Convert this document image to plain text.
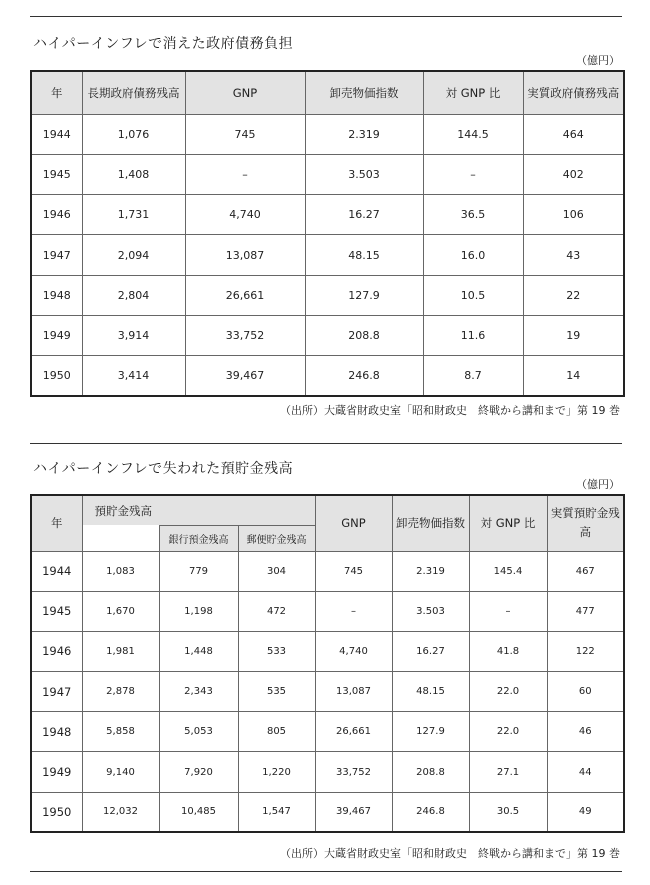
ハイパーインフレで消えた政府債務負担
（億円）
年	長期政府債務残高	GNP	卸売物価指数	対 GNP 比	実質政府債務残高
1944	1,076	745	2.319	144.5	464
1945	1,408	–	3.503	–	402
1946	1,731	4,740	16.27	36.5	106
1947	2,094	13,087	48.15	16.0	43
1948	2,804	26,661	127.9	10.5	22
1949	3,914	33,752	208.8	11.6	19
1950	3,414	39,467	246.8	8.7	14
（出所）大蔵省財政史室「昭和財政史　終戦から講和まで」第 19 巻
ハイパーインフレで失われた預貯金残高
（億円）
年	預貯金残高			GNP	卸売物価指数	対 GNP 比	実質預貯金残高
		銀行預金残高	郵便貯金残高				
1944	1,083	779	304	745	2.319	145.4	467
1945	1,670	1,198	472	–	3.503	–	477
1946	1,981	1,448	533	4,740	16.27	41.8	122
1947	2,878	2,343	535	13,087	48.15	22.0	60
1948	5,858	5,053	805	26,661	127.9	22.0	46
1949	9,140	7,920	1,220	33,752	208.8	27.1	44
1950	12,032	10,485	1,547	39,467	246.8	30.5	49
（出所）大蔵省財政史室「昭和財政史　終戦から講和まで」第 19 巻
